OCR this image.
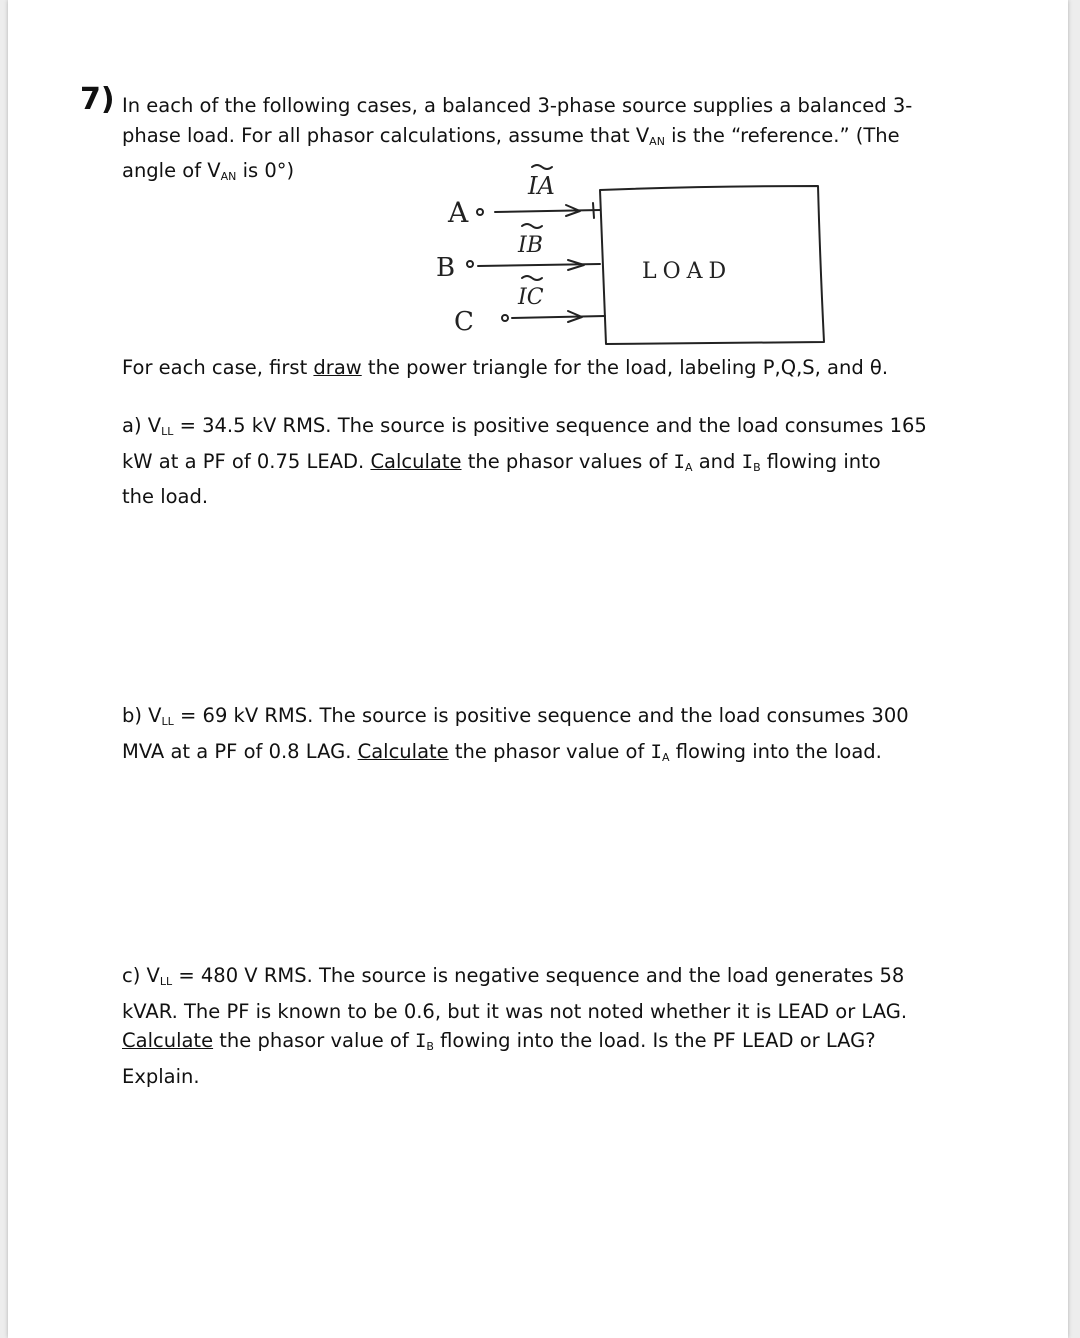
7) In each of the following cases, a balanced 3-phase source supplies a balanced 3-

phase load. For all phasor calculations, assume that $V_{AN}$ is the “reference.” (The

angle of $V_{AN}$ is 0°)

A
B
C
IA
IB
IC
LOAD

For each case, first draw the power triangle for the load, labeling P,Q,S, and θ.

a) $V_{LL} = 34.5$ kV RMS. The source is positive sequence and the load consumes 165

kW at a PF of 0.75 LEAD. Calculate the phasor values of $I_A$ and $I_B$ flowing into

the load.

b) $V_{LL} = 69$ kV RMS. The source is positive sequence and the load consumes 300

MVA at a PF of 0.8 LAG. Calculate the phasor value of $I_A$ flowing into the load.

c) $V_{LL} = 480$ V RMS. The source is negative sequence and the load generates 58

kVAR. The PF is known to be 0.6, but it was not noted whether it is LEAD or LAG.

Calculate the phasor value of $I_B$ flowing into the load. Is the PF LEAD or LAG?

Explain.
